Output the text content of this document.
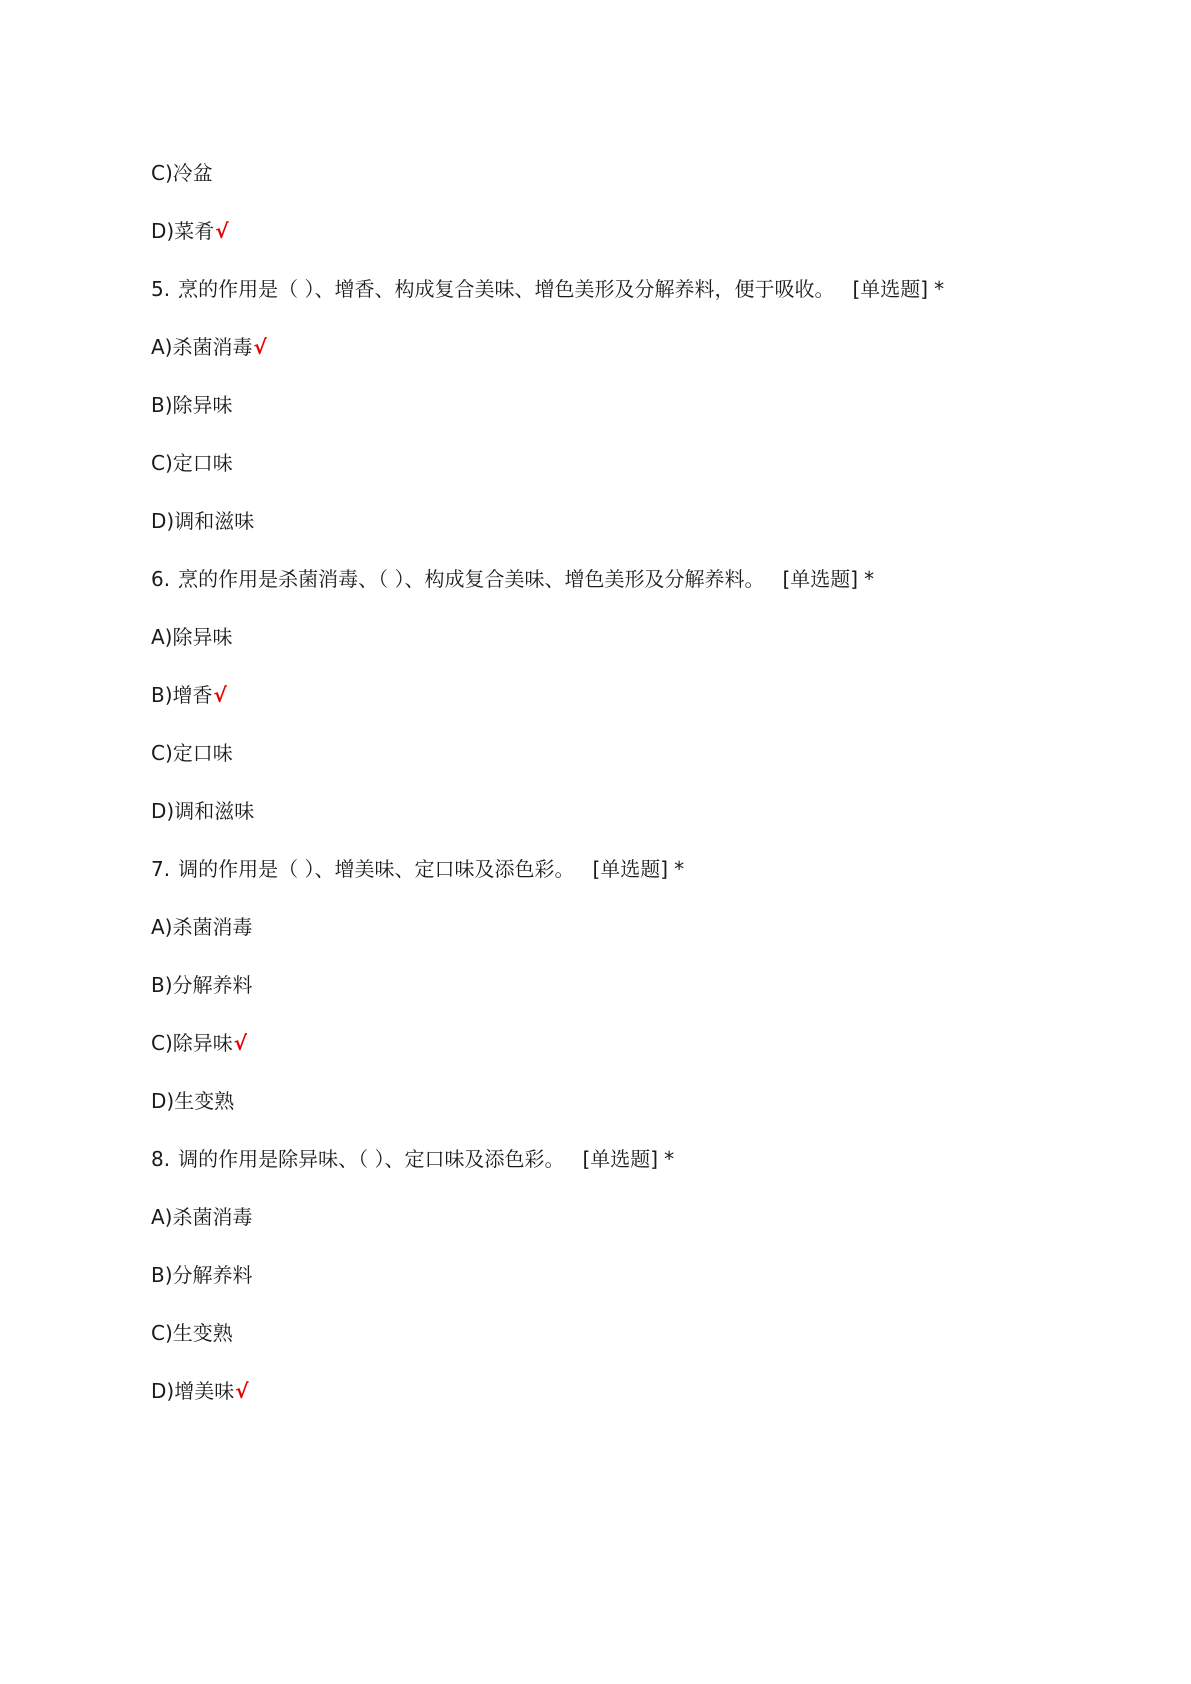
C)冷盆
D)菜肴√
5. 烹的作用是（ ）、增香、构成复合美味、增色美形及分解养料，便于吸收。 [单选题] *
A)杀菌消毒√
B)除异味
C)定口味
D)调和滋味
6. 烹的作用是杀菌消毒、（ ）、构成复合美味、增色美形及分解养料。 [单选题] *
A)除异味
B)增香√
C)定口味
D)调和滋味
7. 调的作用是（ ）、增美味、定口味及添色彩。 [单选题] *
A)杀菌消毒
B)分解养料
C)除异味√
D)生变熟
8. 调的作用是除异味、（ ）、定口味及添色彩。 [单选题] *
A)杀菌消毒
B)分解养料
C)生变熟
D)增美味√
